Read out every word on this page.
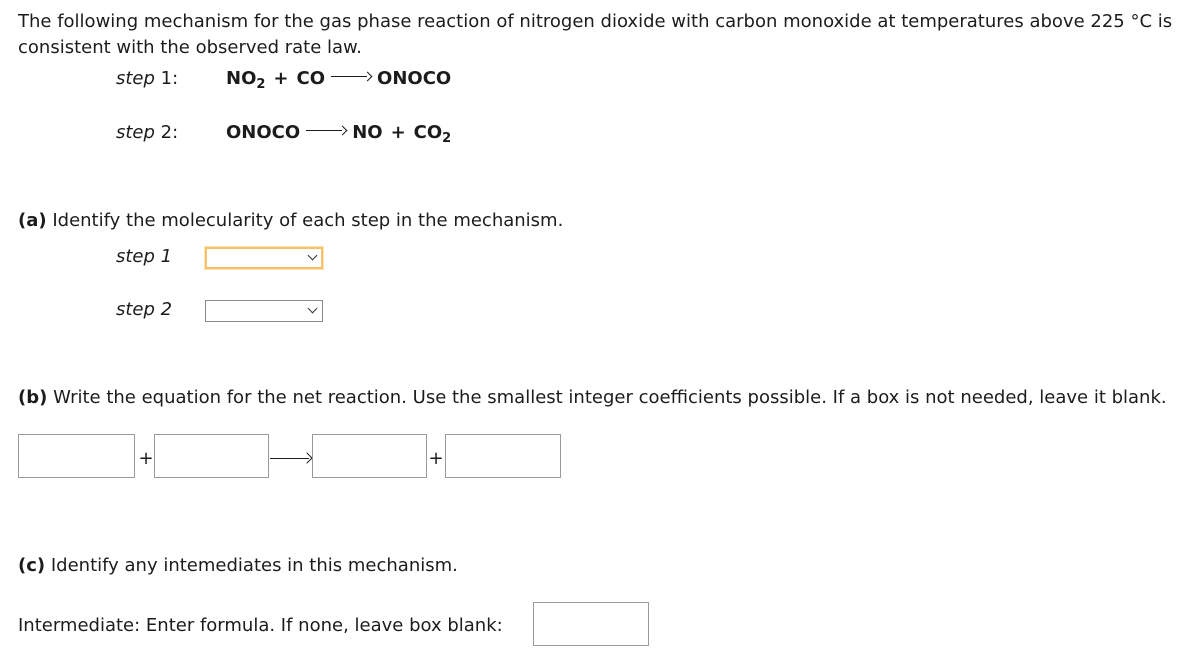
The following mechanism for the gas phase reaction of nitrogen dioxide with carbon monoxide at temperatures above 225 °C is consistent with the observed rate law.
step 1:	$NO_2$ + CO	ONOCO
step 2:	ONOCO	NO + $CO_2$
(a) Identify the molecularity of each step in the mechanism.
step 1
step 2
(b) Write the equation for the net reaction. Use the smallest integer coefficients possible. If a box is not needed, leave it blank.
+	+
(c) Identify any intemediates in this mechanism.
Intermediate: Enter formula. If none, leave box blank:
